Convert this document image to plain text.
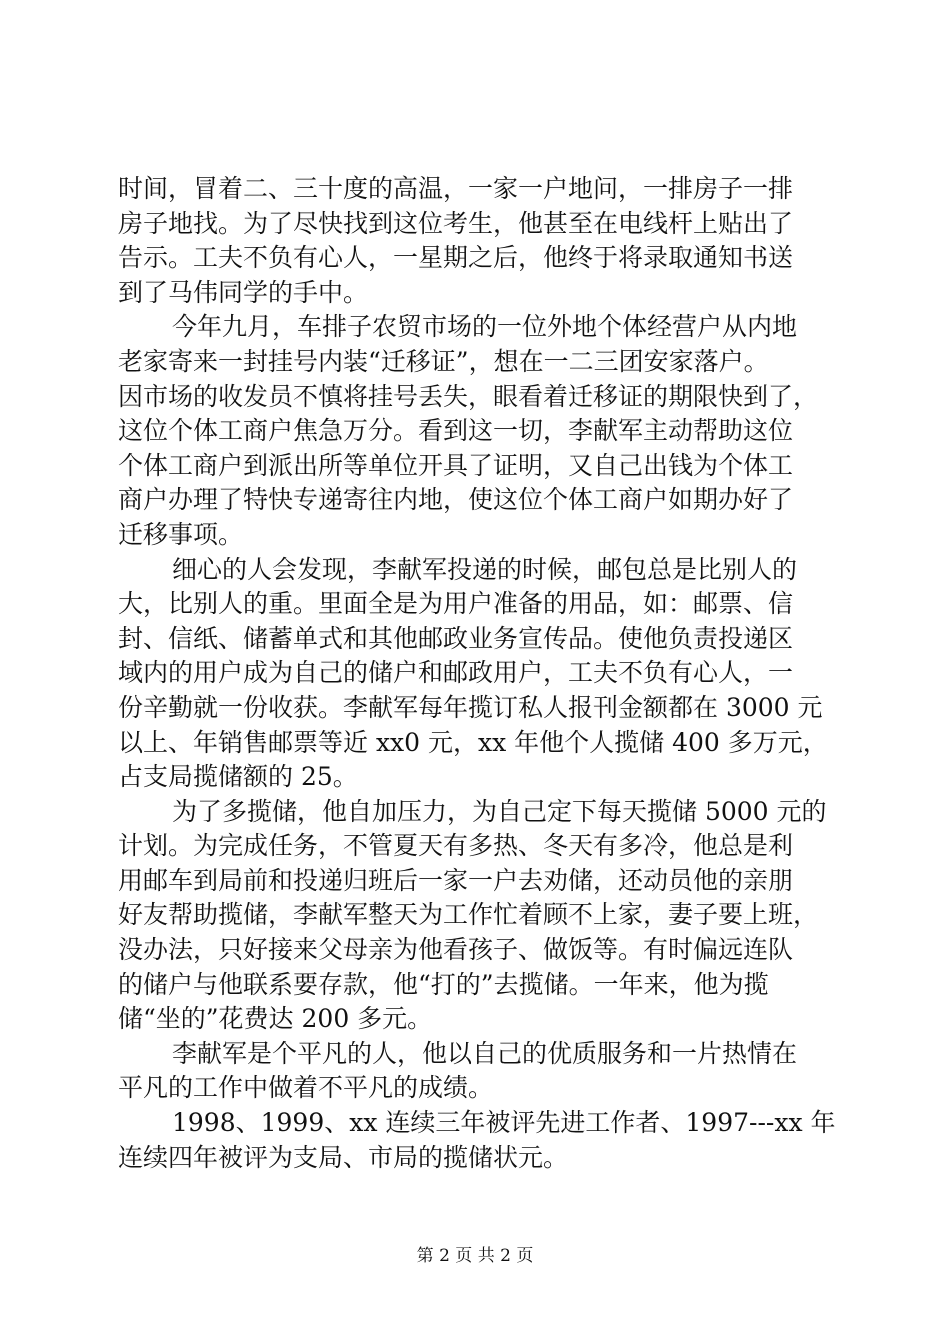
时间，冒着二、三十度的高温，一家一户地问，一排房子一排
房子地找。为了尽快找到这位考生，他甚至在电线杆上贴出了
告示。工夫不负有心人，一星期之后，他终于将录取通知书送
到了马伟同学的手中。
今年九月，车排子农贸市场的一位外地个体经营户从内地
老家寄来一封挂号内装“迁移证”，想在一二三团安家落户。
因市场的收发员不慎将挂号丢失，眼看着迁移证的期限快到了，
这位个体工商户焦急万分。看到这一切，李献军主动帮助这位
个体工商户到派出所等单位开具了证明，又自己出钱为个体工
商户办理了特快专递寄往内地，使这位个体工商户如期办好了
迁移事项。
细心的人会发现，李献军投递的时候，邮包总是比别人的
大，比别人的重。里面全是为用户准备的用品，如：邮票、信
封、信纸、储蓄单式和其他邮政业务宣传品。使他负责投递区
域内的用户成为自己的储户和邮政用户，工夫不负有心人，一
份辛勤就一份收获。李献军每年揽订私人报刊金额都在 3000 元
以上、年销售邮票等近 xx0 元，xx 年他个人揽储 400 多万元，
占支局揽储额的 25。
为了多揽储，他自加压力，为自己定下每天揽储 5000 元的
计划。为完成任务，不管夏天有多热、冬天有多冷，他总是利
用邮车到局前和投递归班后一家一户去劝储，还动员他的亲朋
好友帮助揽储，李献军整天为工作忙着顾不上家，妻子要上班，
没办法，只好接来父母亲为他看孩子、做饭等。有时偏远连队
的储户与他联系要存款，他“打的”去揽储。一年来，他为揽
储“坐的”花费达 200 多元。
李献军是个平凡的人，他以自己的优质服务和一片热情在
平凡的工作中做着不平凡的成绩。
1998、1999、xx 连续三年被评先进工作者、1997---xx 年
连续四年被评为支局、市局的揽储状元。
第 2 页 共 2 页
